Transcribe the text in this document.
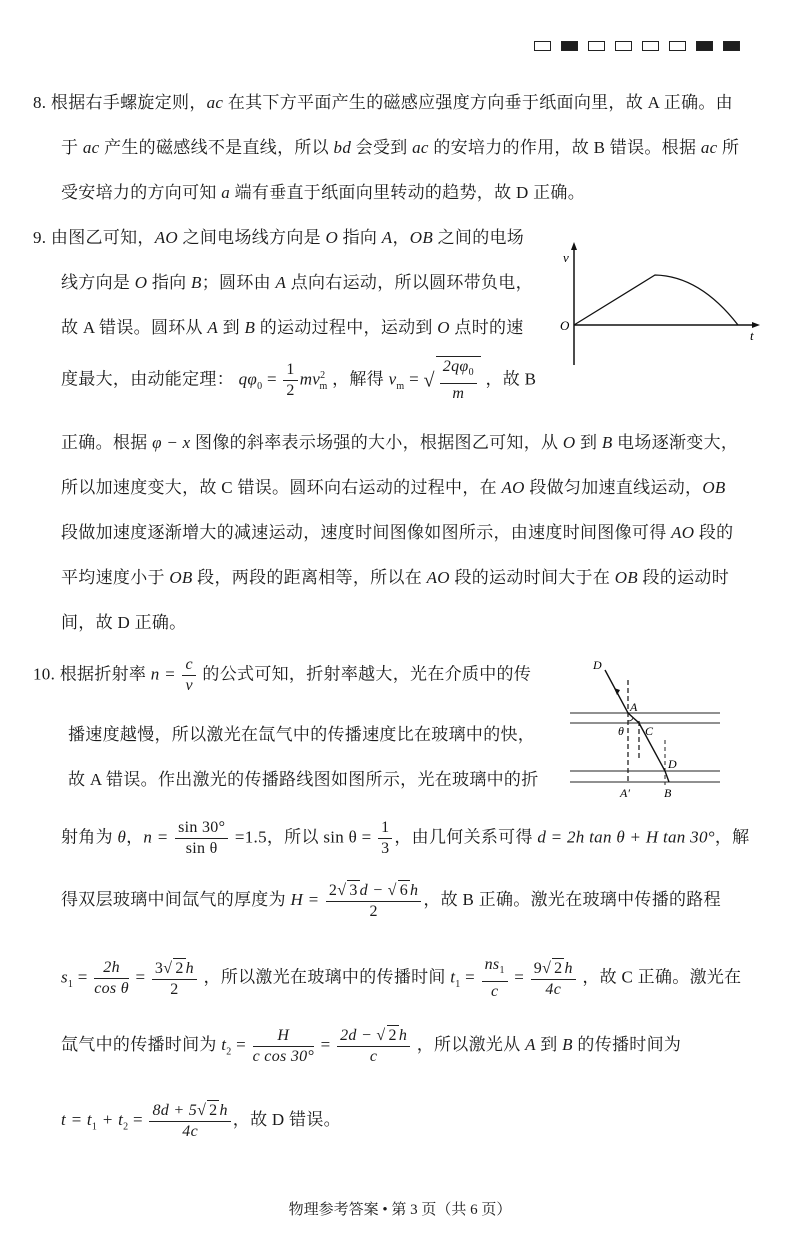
8. 根据右手螺旋定则，ac 在其下方平面产生的磁感应强度方向垂于纸面向里，故 A 正确。由
于 ac 产生的磁感线不是直线，所以 bd 会受到 ac 的安培力的作用，故 B 错误。根据 ac 所
受安培力的方向可知 a 端有垂直于纸面向里转动的趋势，故 D 正确。
9. 由图乙可知，AO 之间电场线方向是 O 指向 A，OB 之间的电场
线方向是 O 指向 B；圆环由 A 点向右运动，所以圆环带负电，
故 A 错误。圆环从 A 到 B 的运动过程中，运动到 O 点时的速
度最大，由动能定理： $q\varphi_0 = \frac{1}{2} mv^2_m$ ，解得 $v_m$ = √ $\frac{2q\varphi_0}{m}$ ，故 B
v
O
t
正确。根据 φ − x 图像的斜率表示场强的大小，根据图乙可知，从 O 到 B 电场逐渐变大，
所以加速度变大，故 C 错误。圆环向右运动的过程中，在 AO 段做匀加速直线运动，OB
段做加速度逐渐增大的减速运动，速度时间图像如图所示，由速度时间图像可得 AO 段的
平均速度小于 OB 段，两段的距离相等，所以在 AO 段的运动时间大于在 OB 段的运动时
间，故 D 正确。
10. 根据折射率 $n = \frac{c}{v}$ 的公式可知，折射率越大，光在介质中的传
播速度越慢，所以激光在氙气中的传播速度比在玻璃中的快，
故 A 错误。作出激光的传播路线图如图所示，光在玻璃中的折
D
A
θ C
D
A′	B
射角为 θ，$n = \frac{\sin 30^\circ}{\text{sin θ}} =1.5$，所以 $\sin \theta = \frac{1}{3}$ ，由几何关系可得 d = 2h tan θ + H tan 30°，解
得双层玻璃中间氙气的厚度为 $H = \frac{2√ 3 d - √ 6 h}{2}$ ，故 B 正确。激光在玻璃中传播的路程
$s_1 = \frac{2h}{\text{cos θ}} = \frac{3√ 2 h}{2}$ ，所以激光在玻璃中的传播时间 $t_1 = \frac{ns_1}{c} = \frac{9√ 2 h}{4c}$ ，故 C 正确。激光在
氙气中的传播时间为 $t_2 = \frac{H}{\text{c cos 30°}} = \frac{2d - √ 2 h}{c}$ ，所以激光从 A 到 B 的传播时间为
$t = t_1 + t_2 = \frac{8d + 5√ 2 h}{4c}$ ，故 D 错误。
物理参考答案 • 第 3 页（共 6 页）
